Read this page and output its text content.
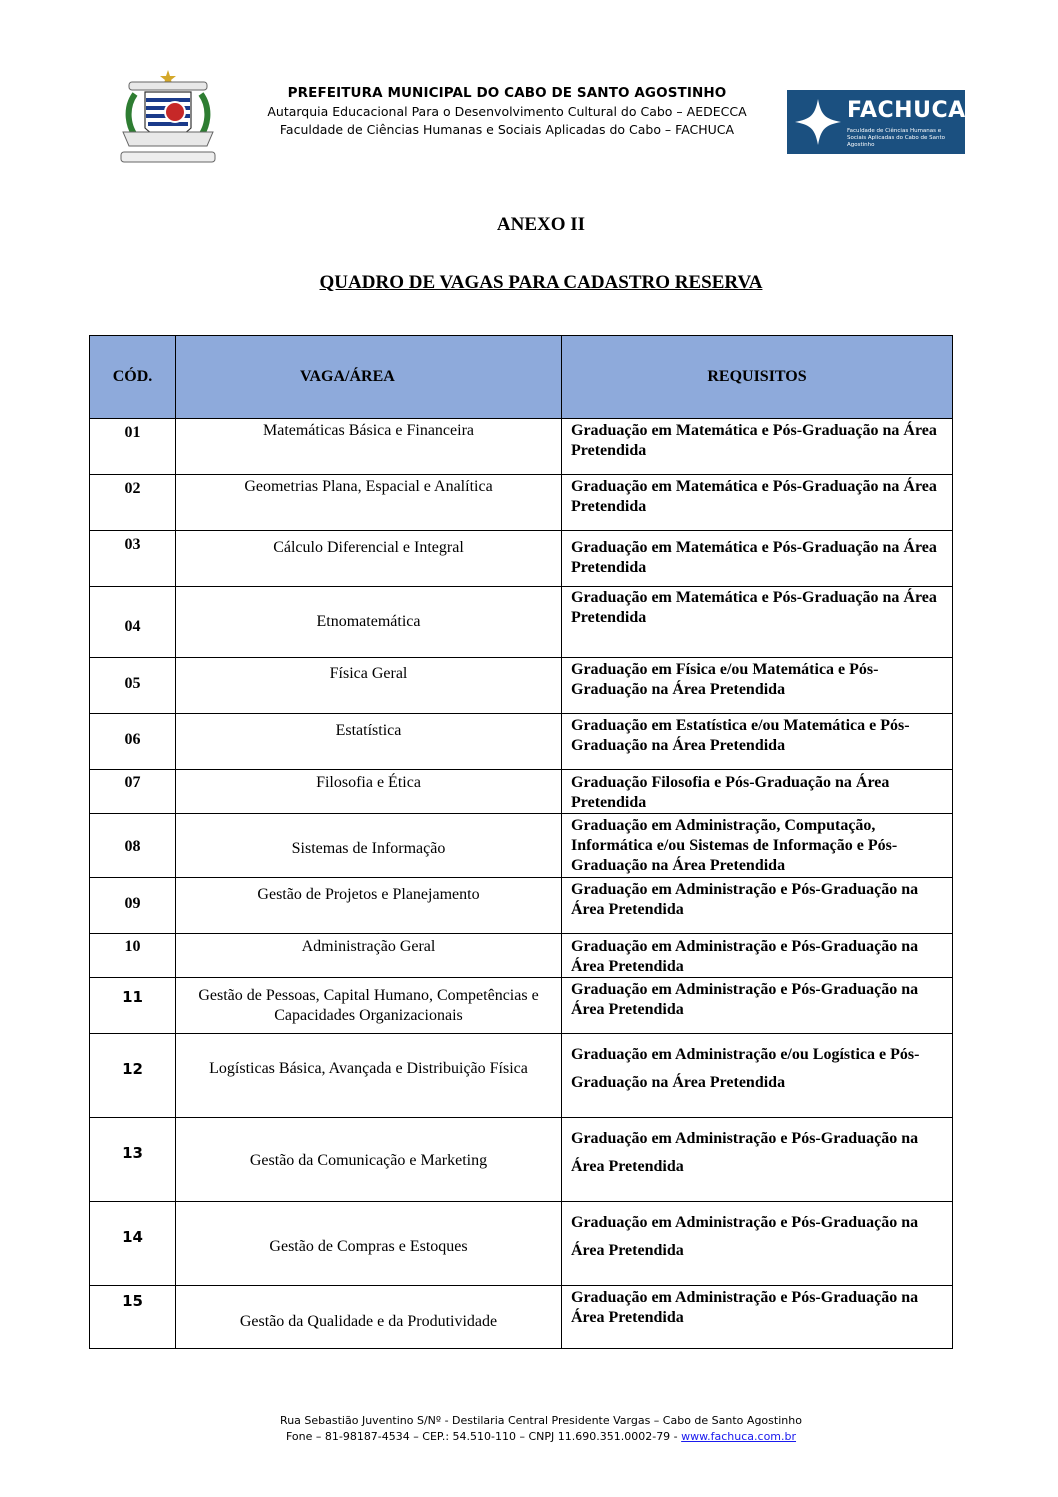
PREFEITURA MUNICIPAL DO CABO DE SANTO AGOSTINHO
Autarquia Educacional Para o Desenvolvimento Cultural do Cabo – AEDECCA
Faculdade de Ciências Humanas e Sociais Aplicadas do Cabo – FACHUCA
FACHUCA
Faculdade de Ciências Humanas e Sociais Aplicadas do Cabo de Santo Agostinho
ANEXO II
QUADRO DE VAGAS PARA CADASTRO RESERVA
CÓD.	VAGA/ÁREA	REQUISITOS

01	Matemáticas Básica e Financeira	Graduação em Matemática e Pós-Graduação na Área Pretendida

02	Geometrias Plana, Espacial e Analítica	Graduação em Matemática e Pós-Graduação na Área Pretendida

03	Cálculo Diferencial e Integral	Graduação em Matemática e Pós-Graduação na Área Pretendida

04	Etnomatemática	Graduação em Matemática e Pós-Graduação na Área Pretendida

05	Física Geral	Graduação em Física e/ou Matemática e Pós-Graduação na Área Pretendida

06	Estatística	Graduação em Estatística e/ou Matemática e Pós-Graduação na Área Pretendida

07	Filosofia e Ética	Graduação Filosofia e Pós-Graduação na Área Pretendida

08	Sistemas de Informação	Graduação em Administração, Computação, Informática e/ou Sistemas de Informação e Pós-Graduação na Área Pretendida

09	Gestão de Projetos e Planejamento	Graduação em Administração e Pós-Graduação na Área Pretendida

10	Administração Geral	Graduação em Administração e Pós-Graduação na Área Pretendida

11	Gestão de Pessoas, Capital Humano, Competências e Capacidades Organizacionais	Graduação em Administração e Pós-Graduação na Área Pretendida

12	Logísticas Básica, Avançada e Distribuição Física	Graduação em Administração e/ou Logística e Pós-Graduação na Área Pretendida

13	Gestão da Comunicação e Marketing	Graduação em Administração e Pós-Graduação na Área Pretendida

14	Gestão de Compras e Estoques	Graduação em Administração e Pós-Graduação na Área Pretendida

15	Gestão da Qualidade e da Produtividade	Graduação em Administração e Pós-Graduação na Área Pretendida
Rua Sebastião Juventino S/Nº - Destilaria Central Presidente Vargas – Cabo de Santo Agostinho
Fone – 81-98187-4534 – CEP.: 54.510-110 – CNPJ 11.690.351.0002-79 - www.fachuca.com.br
